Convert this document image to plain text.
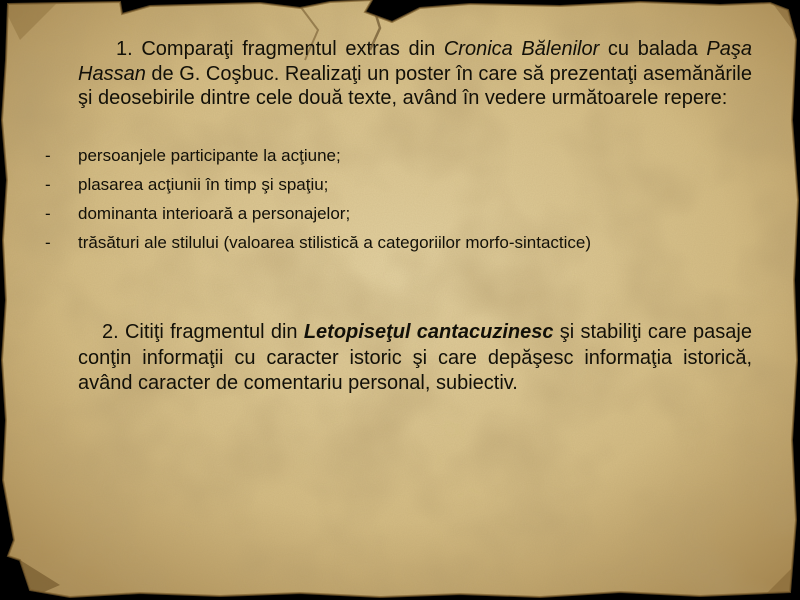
1. Comparaţi fragmentul extras din Cronica Bălenilor cu balada Paşa Hassan de G. Coşbuc. Realizaţi un poster în care să prezentaţi asemănările şi deosebirile dintre cele două texte, având în vedere următoarele repere:

- persoanjele participante la acţiune;
- plasarea acţiunii în timp şi spaţiu;
- dominanta interioară a personajelor;
- trăsături ale stilului (valoarea stilistică a categoriilor morfo-sintactice)

2. Citiţi fragmentul din Letopiseţul cantacuzinesc şi stabiliţi care pasaje conţin informaţii cu caracter istoric şi care depăşesc informaţia istorică, având caracter de comentariu personal, subiectiv.
